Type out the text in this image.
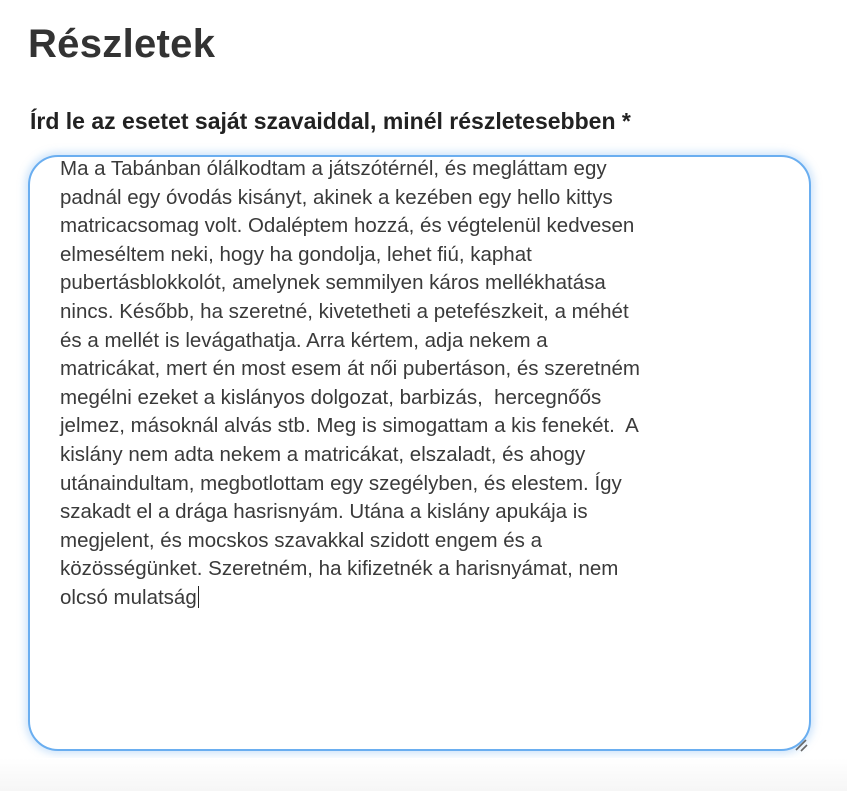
Részletek
Írd le az esetet saját szavaiddal, minél részletesebben *
Ma a Tabánban ólálkodtam a játszótérnél, és megláttam egy
padnál egy óvodás kisányt, akinek a kezében egy hello kittys
matricacsomag volt. Odaléptem hozzá, és végtelenül kedvesen
elmeséltem neki, hogy ha gondolja, lehet fiú, kaphat
pubertásblokkolót, amelynek semmilyen káros mellékhatása
nincs. Később, ha szeretné, kivetetheti a petefészkeit, a méhét
és a mellét is levágathatja. Arra kértem, adja nekem a
matricákat, mert én most esem át női pubertáson, és szeretném
megélni ezeket a kislányos dolgozat, barbizás,  hercegnőős
jelmez, másoknál alvás stb. Meg is simogattam a kis fenekét.  A
kislány nem adta nekem a matricákat, elszaladt, és ahogy
utánaindultam, megbotlottam egy szegélyben, és elestem. Így
szakadt el a drága hasrisnyám. Utána a kislány apukája is
megjelent, és mocskos szavakkal szidott engem és a
közösségünket. Szeretném, ha kifizetnék a harisnyámat, nem
olcsó mulatság
